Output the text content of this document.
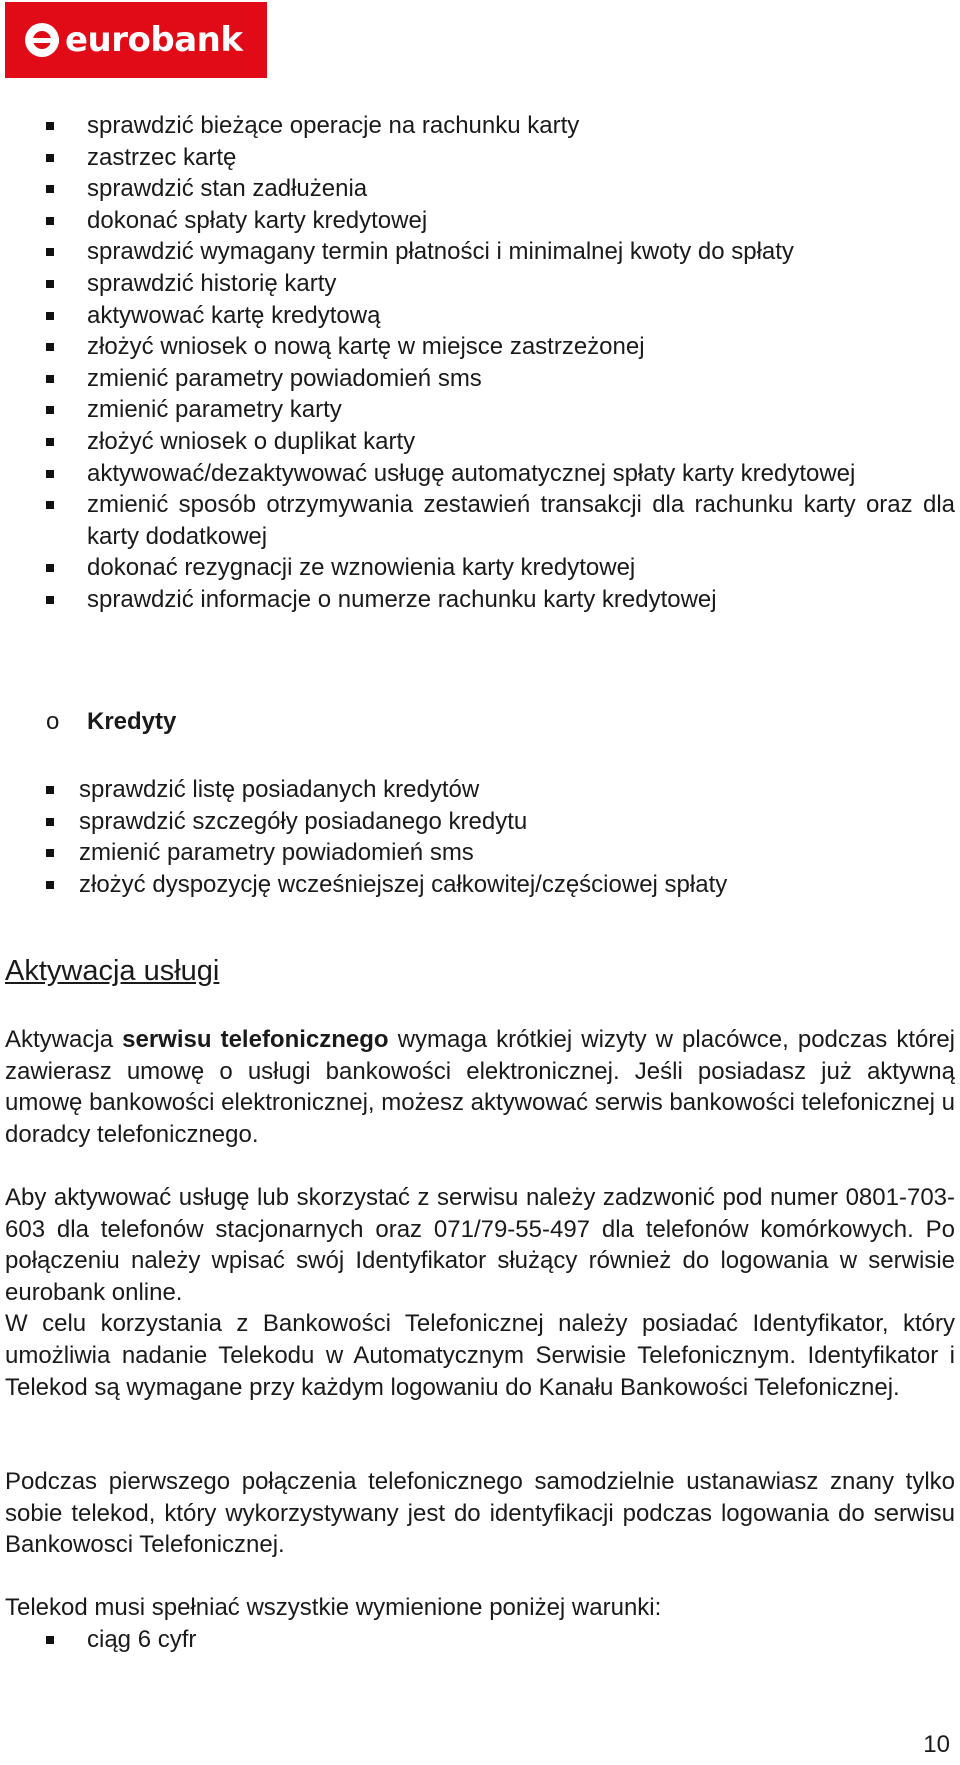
eurobank
sprawdzić bieżące operacje na rachunku karty
zastrzec kartę
sprawdzić stan zadłużenia
dokonać spłaty karty kredytowej
sprawdzić wymagany termin płatności i minimalnej kwoty do spłaty
sprawdzić historię karty
aktywować kartę kredytową
złożyć wniosek o nową kartę w miejsce zastrzeżonej
zmienić parametry powiadomień sms
zmienić parametry karty
złożyć wniosek o duplikat karty
aktywować/dezaktywować usługę automatycznej spłaty karty kredytowej
zmienić sposób otrzymywania zestawień transakcji dla rachunku karty oraz dla karty dodatkowej
dokonać rezygnacji ze wznowienia karty kredytowej
sprawdzić informacje o numerze rachunku karty kredytowej
o Kredyty
sprawdzić listę posiadanych kredytów
sprawdzić szczegóły posiadanego kredytu
zmienić parametry powiadomień sms
złożyć dyspozycję wcześniejszej całkowitej/częściowej spłaty
Aktywacja usługi

Aktywacja serwisu telefonicznego wymaga krótkiej wizyty w placówce, podczas której zawierasz umowę o usługi bankowości elektronicznej. Jeśli posiadasz już aktywną umowę bankowości elektronicznej, możesz aktywować serwis bankowości telefonicznej u doradcy telefonicznego.

Aby aktywować usługę lub skorzystać z serwisu należy zadzwonić pod numer 0801-703-603 dla telefonów stacjonarnych oraz 071/79-55-497 dla telefonów komórkowych. Po połączeniu należy wpisać swój Identyfikator służący również do logowania w serwisie eurobank online.
W celu korzystania z Bankowości Telefonicznej należy posiadać Identyfikator, który umożliwia nadanie Telekodu w Automatycznym Serwisie Telefonicznym. Identyfikator i Telekod są wymagane przy każdym logowaniu do Kanału Bankowości Telefonicznej.

Podczas pierwszego połączenia telefonicznego samodzielnie ustanawiasz znany tylko sobie telekod, który wykorzystywany jest do identyfikacji podczas logowania do serwisu Bankowosci Telefonicznej.

Telekod musi spełniać wszystkie wymienione poniżej warunki:

ciąg 6 cyfr
10
